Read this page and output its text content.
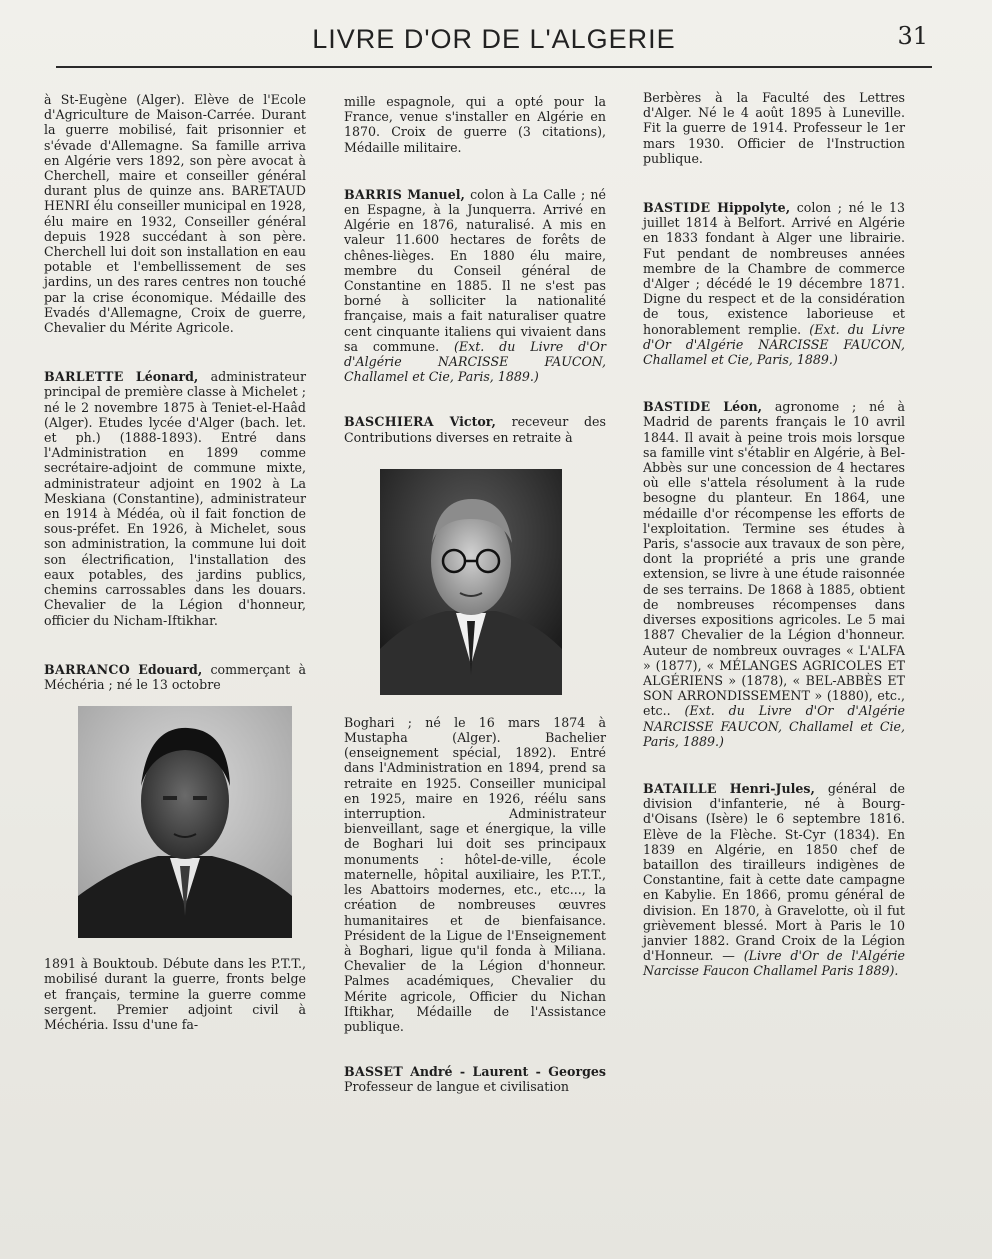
LIVRE D'OR DE L'ALGERIE	31

à St-Eugène (Alger). Elève de l'Ecole d'Agriculture de Maison-Carrée. Durant la guerre mobilisé, fait prisonnier et s'évade d'Allemagne. Sa famille arriva en Algérie vers 1892, son père avocat à Cherchell, maire et conseiller général durant plus de quinze ans. BARETAUD HENRI élu conseiller municipal en 1928, élu maire en 1932, Conseiller général depuis 1928 succédant à son père. Cherchell lui doit son installation en eau potable et l'embellissement de ses jardins, un des rares centres non touché par la crise économique. Médaille des Evadés d'Allemagne, Croix de guerre, Chevalier du Mérite Agricole.

BARLETTE Léonard, administrateur principal de première classe à Michelet ; né le 2 novembre 1875 à Teniet-el-Haâd (Alger). Etudes lycée d'Alger (bach. let. et ph.) (1888-1893). Entré dans l'Administration en 1899 comme secrétaire-adjoint de commune mixte, administrateur adjoint en 1902 à La Meskiana (Constantine), administrateur en 1914 à Médéa, où il fait fonction de sous-préfet. En 1926, à Michelet, sous son administration, la commune lui doit son électrification, l'installation des eaux potables, des jardins publics, chemins carrossables dans les douars. Chevalier de la Légion d'honneur, officier du Nicham-Iftikhar.

BARRANCO Edouard, commerçant à Méchéria ; né le 13 octobre

1891 à Bouktoub. Débute dans les P.T.T., mobilisé durant la guerre, fronts belge et français, termine la guerre comme sergent. Premier adjoint civil à Méchéria. Issu d'une fa-

mille espagnole, qui a opté pour la France, venue s'installer en Algérie en 1870. Croix de guerre (3 citations), Médaille militaire.

BARRIS Manuel, colon à La Calle ; né en Espagne, à la Junquerra. Arrivé en Algérie en 1876, naturalisé. A mis en valeur 11.600 hectares de forêts de chênes-lièges. En 1880 élu maire, membre du Conseil général de Constantine en 1885. Il ne s'est pas borné à solliciter la nationalité française, mais a fait naturaliser quatre cent cinquante italiens qui vivaient dans sa commune. (Ext. du Livre d'Or d'Algérie NARCISSE FAUCON, Challamel et Cie, Paris, 1889.)

BASCHIERA Victor, receveur des Contributions diverses en retraite à

Boghari ; né le 16 mars 1874 à Mustapha (Alger). Bachelier (enseignement spécial, 1892). Entré dans l'Administration en 1894, prend sa retraite en 1925. Conseiller municipal en 1925, maire en 1926, réélu sans interruption. Administrateur bienveillant, sage et énergique, la ville de Boghari lui doit ses principaux monuments : hôtel-de-ville, école maternelle, hôpital auxiliaire, les P.T.T., les Abattoirs modernes, etc., etc..., la création de nombreuses œuvres humanitaires et de bienfaisance. Président de la Ligue de l'Enseignement à Boghari, ligue qu'il fonda à Miliana. Chevalier de la Légion d'honneur. Palmes académiques, Chevalier du Mérite agricole, Officier du Nichan Iftikhar, Médaille de l'Assistance publique.

BASSET André - Laurent - Georges Professeur de langue et civilisation

Berbères à la Faculté des Lettres d'Alger. Né le 4 août 1895 à Luneville. Fit la guerre de 1914. Professeur le 1er mars 1930. Officier de l'Instruction publique.

BASTIDE Hippolyte, colon ; né le 13 juillet 1814 à Belfort. Arrivé en Algérie en 1833 fondant à Alger une librairie. Fut pendant de nombreuses années membre de la Chambre de commerce d'Alger ; décédé le 19 décembre 1871. Digne du respect et de la considération de tous, existence laborieuse et honorablement remplie. (Ext. du Livre d'Or d'Algérie NARCISSE FAUCON, Challamel et Cie, Paris, 1889.)

BASTIDE Léon, agronome ; né à Madrid de parents français le 10 avril 1844. Il avait à peine trois mois lorsque sa famille vint s'établir en Algérie, à Bel-Abbès sur une concession de 4 hectares où elle s'attela résolument à la rude besogne du planteur. En 1864, une médaille d'or récompense les efforts de l'exploitation. Termine ses études à Paris, s'associe aux travaux de son père, dont la propriété a pris une grande extension, se livre à une étude raisonnée de ses terrains. De 1868 à 1885, obtient de nombreuses récompenses dans diverses expositions agricoles. Le 5 mai 1887 Chevalier de la Légion d'honneur. Auteur de nombreux ouvrages « L'ALFA » (1877), « MÉLANGES AGRICOLES ET ALGÉRIENS » (1878), « BEL-ABBÈS ET SON ARRONDISSEMENT » (1880), etc., etc.. (Ext. du Livre d'Or d'Algérie NARCISSE FAUCON, Challamel et Cie, Paris, 1889.)

BATAILLE Henri-Jules, général de division d'infanterie, né à Bourg-d'Oisans (Isère) le 6 septembre 1816. Elève de la Flèche. St-Cyr (1834). En 1839 en Algérie, en 1850 chef de bataillon des tirailleurs indigènes de Constantine, fait à cette date campagne en Kabylie. En 1866, promu général de division. En 1870, à Gravelotte, où il fut grièvement blessé. Mort à Paris le 10 janvier 1882. Grand Croix de la Légion d'Honneur. — (Livre d'Or de l'Algérie Narcisse Faucon Challamel Paris 1889).
